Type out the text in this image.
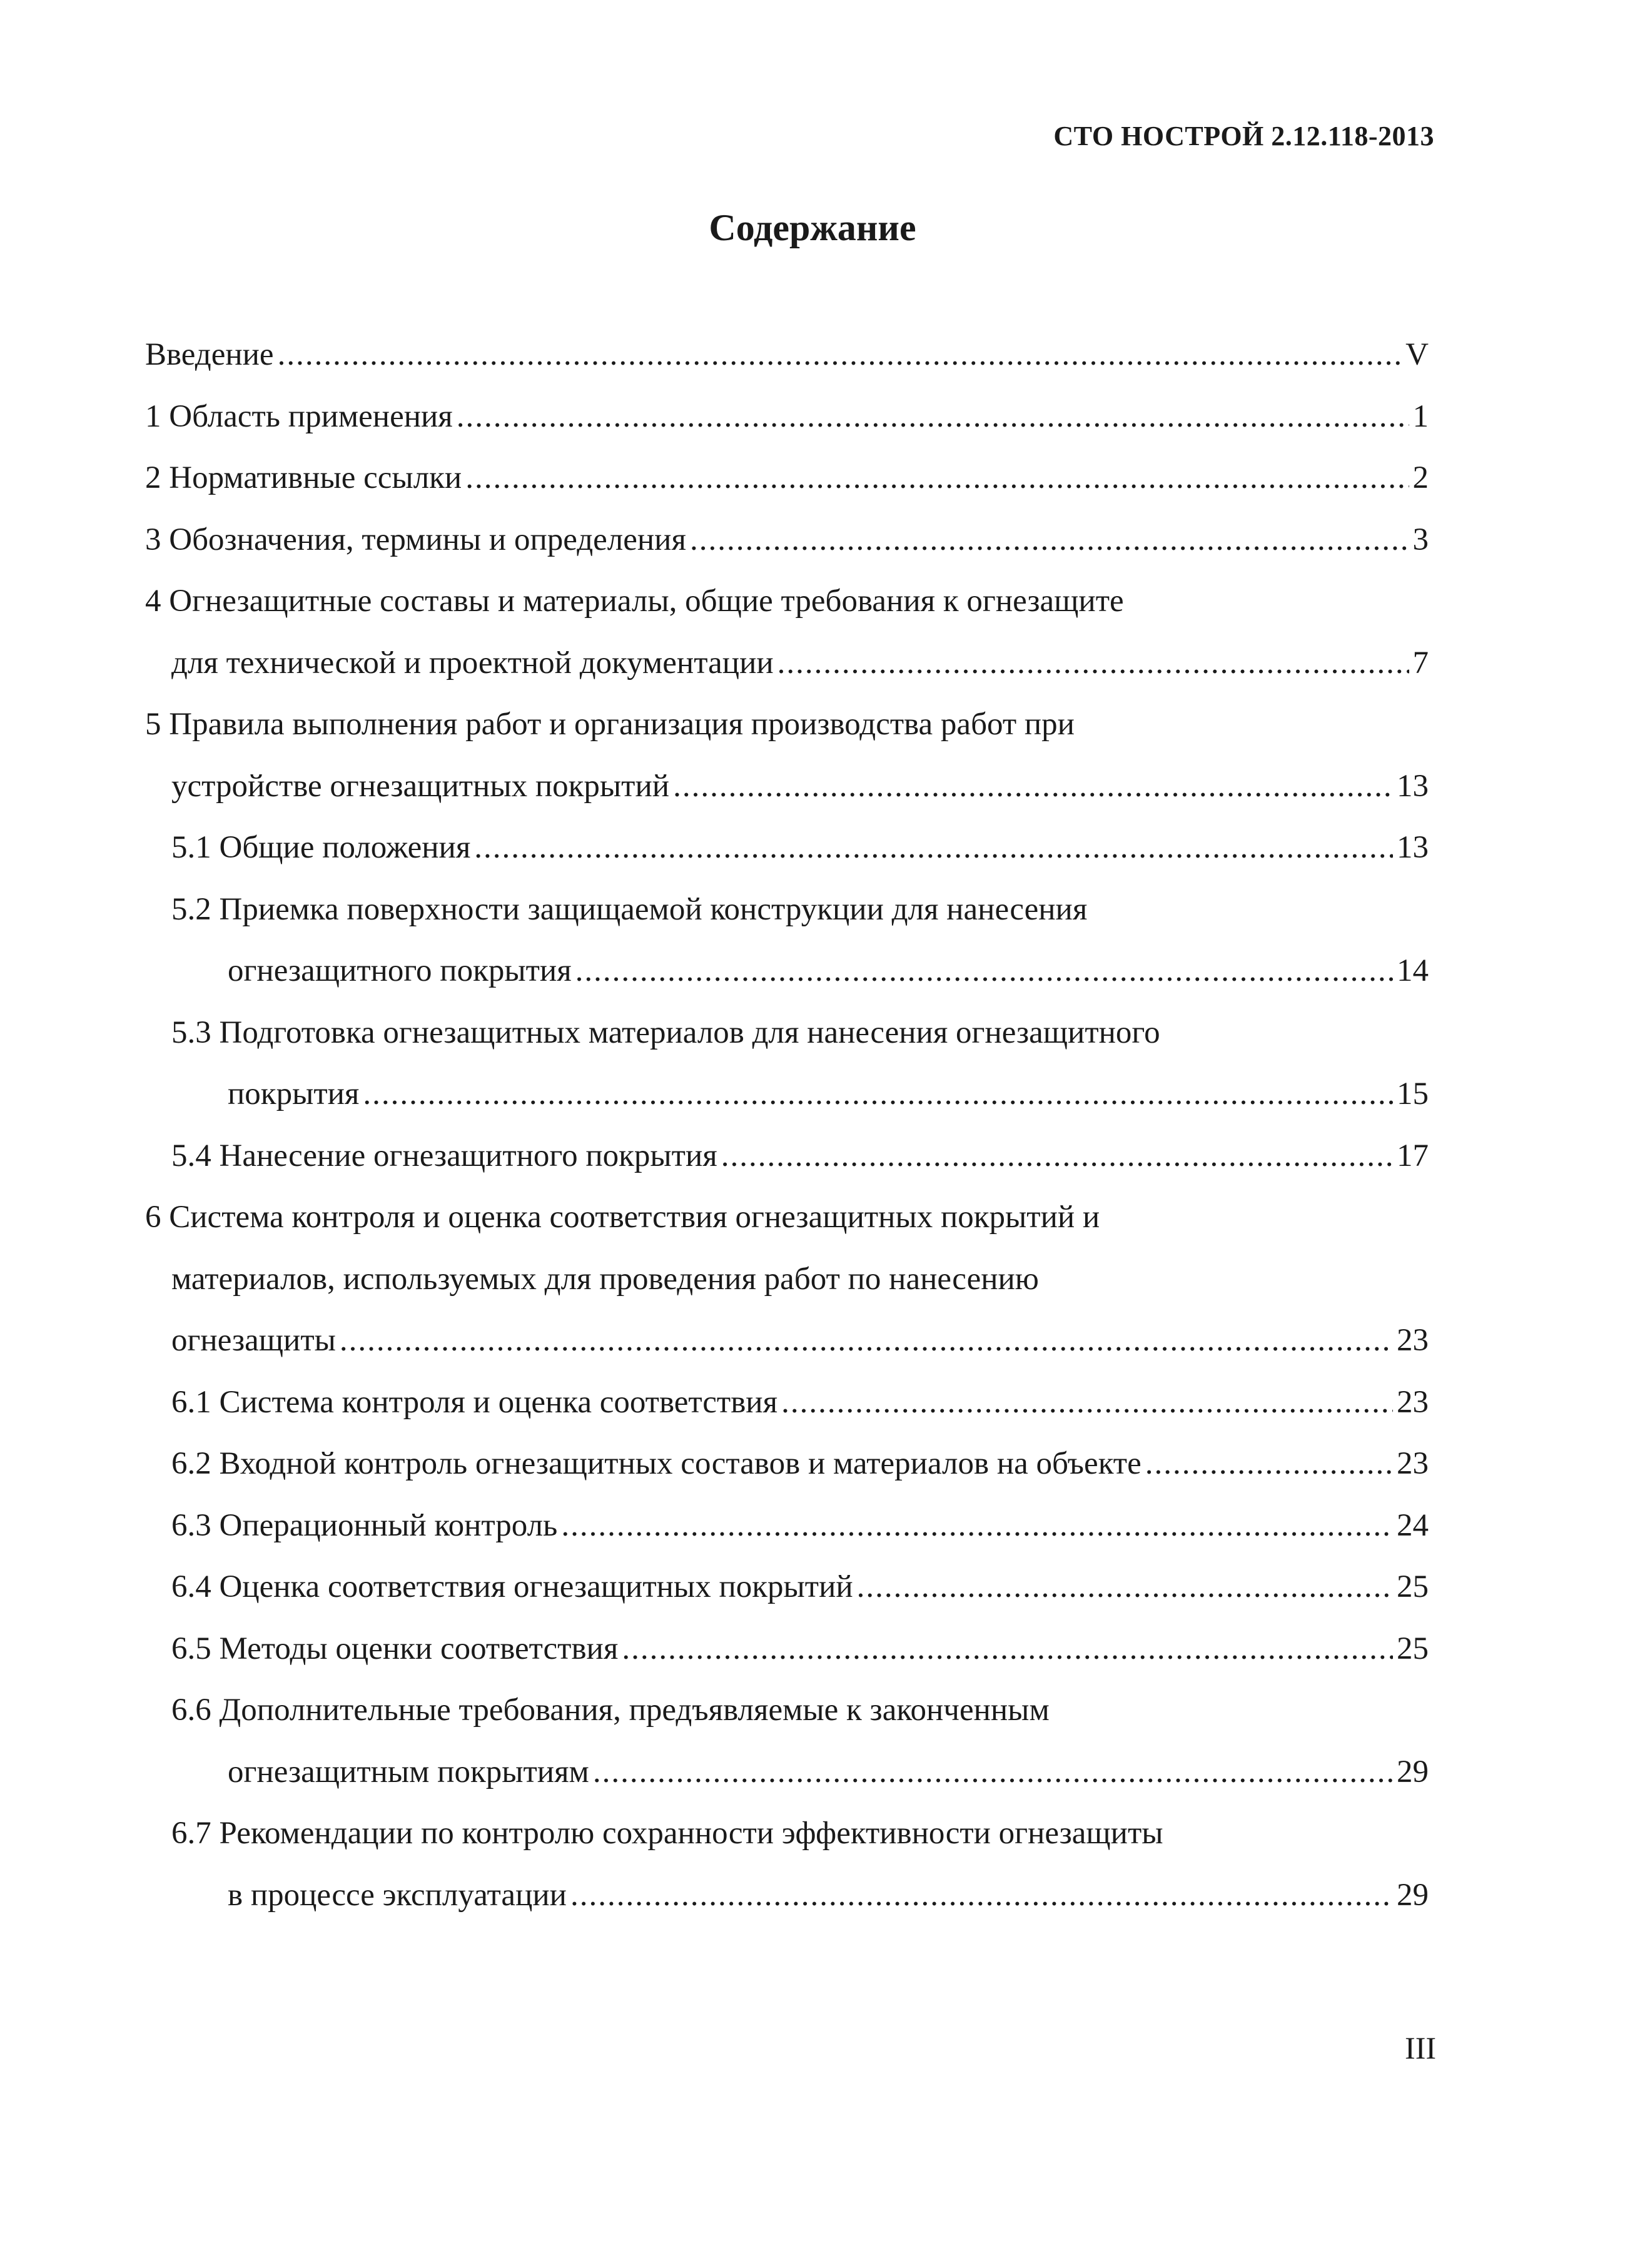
СТО НОСТРОЙ 2.12.118-2013
Содержание
Введение .....	V
1 Область применения .....	1
2 Нормативные ссылки .....	2
3 Обозначения, термины и определения .....	3
4 Огнезащитные составы и материалы, общие требования к огнезащите
для технической и проектной документации .....	7
5 Правила выполнения работ и организация производства работ при
устройстве огнезащитных покрытий .....	13
5.1 Общие положения .....	13
5.2 Приемка поверхности защищаемой конструкции для нанесения
огнезащитного покрытия .....	14
5.3 Подготовка огнезащитных материалов для нанесения огнезащитного
покрытия .....	15
5.4 Нанесение огнезащитного покрытия .....	17
6 Система контроля и оценка соответствия огнезащитных покрытий и
материалов, используемых для проведения работ по нанесению
огнезащиты .....	23
6.1 Система контроля и оценка соответствия .....	23
6.2 Входной контроль огнезащитных составов и материалов на объекте .....	23
6.3 Операционный контроль .....	24
6.4 Оценка соответствия огнезащитных покрытий .....	25
6.5 Методы оценки соответствия .....	25
6.6 Дополнительные требования, предъявляемые к законченным
огнезащитным покрытиям .....	29
6.7 Рекомендации по контролю сохранности эффективности огнезащиты
в процессе эксплуатации .....	29
III
